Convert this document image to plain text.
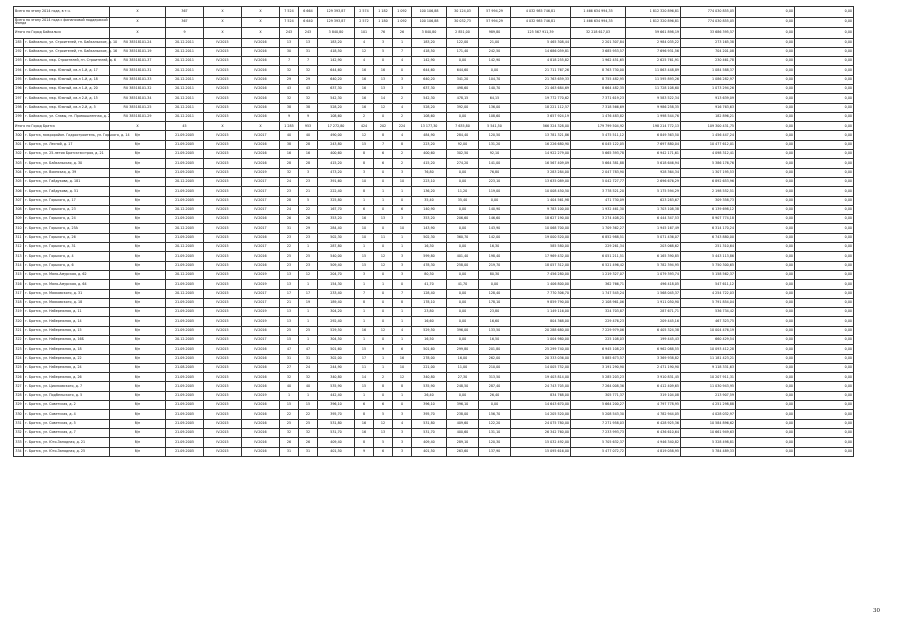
Всего по этапу 2014 года, в т.ч.		X	367	X	X	7 524	6 664	129 393,87	2 574	1 182	1 092	100 106,88	30 124,03	57 994,29	4 032 985 746,81	1 466 634 994,35	1 812 320 896,81	774 030 855,05	0,00	0,00
Всего по этапу 2014 года с финансовой поддержкой Фонда		X	367	X	X	7 524	6 640	129 393,87	2 572	1 180	1 092	100 106,88	30 032,73	57 994,29	4 032 985 746,81	1 466 634 994,35	1 812 320 896,81	774 030 855,05	0,00	0,00
Итого по Город Байкальск		X	9	X	X	243	243	3 840,80	101	76	26	3 840,80	2 851,00	989,80	125 567 911,39	32 218 617,03	59 661 898,19	33 686 395,57	0,00	0,00
285	г. Байкальск, ул. Строителей, гп. Байкальское, д. 10	RU 38518101-24	20.12.2011	IV.2015	IV.2016	13	13	183,20	4	3	1	183,20	122,00	21,00	5 465 308,44	2 201 307,84	2 984 035,22	273 165,38	0,00	0,00
292	г. Байкальск, ул. Строителей, гп. Байкальское, д. 16	RU 38518101-19	20.12.2011	IV.2015	IV.2016	30	31	418,50	12	5	7	418,50	171,40	242,50	14 686 059,81	3 685 953,57	7 696 931,56	704 201,08	0,00	0,00
293	г. Байкальск, мкр. Строителей, гп. Строителей, д. 6	RU 38518101-37	20.12.2011	IV.2015	IV.2016	7	7	142,90	4	0	4	142,90	0,00	142,90	4 818 255,82	1 962 451,65	2 625 761,91	230 461,78	0,00	0,00
294	г. Байкальск, мкр. Южный, кв-л 1-й, д. 17	RU 38518101-31	20.12.2011	IV.2015	IV.2016	32	32	644,60	16	16	0	644,60	644,60	0,00	21 711 767,26	8 763 730,00	11 863 448,89	1 084 588,37	0,00	0,00
295	г. Байкальск, мкр. Южный, кв-л 1-й, д. 18	RU 38518101-33	20.12.2011	IV.2015	IV.2016	29	29	640,20	16	13	3	640,20	341,20	104,70	21 763 659,33	8 755 482,95	11 595 893,26	1 086 282,97	0,00	0,00
296	г. Байкальск, мкр. Южный, кв-л 1-й, д. 20	RU 38518101-32	20.12.2011	IV.2015	IV.2016	43	43	637,30	16	13	3	637,30	498,60	140,70	21 463 684,69	8 664 482,35	11 728 108,60	1 073 294,26	0,00	0,00
297	г. Байкальск, мкр. Южный, кв-л 2-й, д. 15	RU 38518101-34	20.12.2011	IV.2015	IV.2016	32	32	542,30	16	14	2	542,30	478,15	64,15	19 772 770,62	7 371 619,23	9 583 522,34	913 639,09	0,00	0,00
298	г. Байкальск, мкр. Южный, кв-л 2-й, д. 5	RU 38518101-25	20.12.2011	IV.2015	IV.2016	38	38	528,20	16	12	4	528,20	392,00	136,00	18 221 112,57	7 318 566,69	9 986 258,35	916 763,63	0,00	0,00
299	г. Байкальск, ул. Славы, гп. Промышленная, д. 2	RU 38518101-29	20.12.2011	IV.2015	IV.2016	9	9	108,60	2	0	2	108,60	0,00	108,60	3 657 924,19	1 476 483,82	1 998 544,76	182 896,21	0,00	0,00
Итого по Город Братск		X	45	X	X	1 285	953	17 272,80	424	202	224	13 177,30	7 635,80	5 541,50	566 324 328,00	179 799 504,92	198 214 772,13	109 300 431,75	0,00	0,00
300	г. Братск, микрорайон. Гидростроитель, ул. Горького, д. 14	б/н	21.09.2005	IV.2015	IV.2017	40	40	490,00	12	8	4	484,90	284,40	120,50	13 781 321,86	5 475 511,12	6 849 363,50	1 456 447,24	0,00	0,00
301	г. Братск, ул. Лесной, д. 17	б/н	21.09.2005	IV.2015	IV.2016	38	28	243,80	15	7	8	223,20	92,00	131,20	16 226 680,90	6 045 122,05	7 697 880,04	10 477 612,01	0,00	0,00
302	г. Братск, ул. 25-летия Братскгэсстроя, д. 21	б/н	21.09.2005	IV.2015	IV.2016	16	16	400,60	8	6	2	400,60	302,50	92,10	14 922 279,00	5 665 393,78	6 942 171,61	4 098 312,41	0,00	0,00
303	г. Братск, ул. Байкальская, д. 30	б/н	21.09.2005	IV.2015	IV.2016	28	28	415,20	8	6	2	415,20	274,20	141,00	16 567 409,09	5 664 381,88	5 618 646,94	5 386 176,76	0,00	0,00
304	г. Братск, ул. Воинская, д. 39	б/н	21.09.2005	IV.2015	IV.2019	32	3	473,20	3	0	3	76,80	0,00	76,80	3 283 284,00	2 047 783,90	928 364,34	1 307 195,53	0,00	0,00
305	г. Братск, ул. Гайдукова, д. 181	б/н	20.12.2005	IV.2015	IV.2017	24	23	391,60	10	0	10	223,10	0,00	223,10	13 635 089,00	5 042 727,77	2 696 676,29	6 892 653,96	0,00	0,00
306	г. Братск, ул. Гайдукова, д. 51	б/н	21.09.2005	IV.2015	IV.2017	23	21	222,40	8	1	1	136,20	11,20	119,00	10 008 450,50	3 778 521,20	5 175 594,29	2 198 552,51	0,00	0,00
307	г. Братск, ул. Горького, д. 17	б/н	21.09.2005	IV.2015	IV.2017	28	5	325,80	1	1	0	35,40	35,40	0,00	1 404 561,98	471 730,09	623 283,67	309 358,73	0,00	0,00
308	г. Братск, ул. Горького, д. 23	б/н	20.12.2005	IV.2015	IV.2017	24	22	167,70	6	0	6	140,90	0,00	140,90	9 783 100,00	1 932 461,30	1 703 108,38	6 139 698,12	0,00	0,00
309	г. Братск, ул. Горького, д. 24	б/н	21.09.2005	IV.2015	IV.2016	26	26	353,20	16	13	3	353,20	206,60	146,60	18 627 190,00	3 274 408,21	6 444 347,53	8 907 774,18	0,00	0,00
310	г. Братск, ул. Горького, д. 25А	б/н	20.12.2005	IV.2015	IV.2017	31	29	284,40	10	0	10	143,90	0,00	143,90	10 068 700,00	1 709 362,27	1 945 167,49	6 314 170,24	0,00	0,00
311	г. Братск, ул. Горького, д. 26	б/н	21.09.2005	IV.2015	IV.2016	23	23	502,30	10	11	1	502,30	360,70	142,00	19 000 520,00	6 852 988,51	5 071 436,07	6 743 880,00	0,00	0,00
312	г. Братск, ул. Горького, д. 31	б/н	20.12.2005	IV.2015	IV.2017	22	1	287,80	1	0	1	16,30	0,00	16,30	585 580,00	229 261,34	203 068,62	251 310,64	0,00	0,00
313	г. Братск, ул. Горького, д. 4	б/н	21.09.2005	IV.2015	IV.2016	25	25	540,00	15	12	3	599,80	401,40	198,40	17 969 432,00	6 051 211,51	6 165 390,85	5 443 113,86	0,00	0,00
314	г. Братск, ул. Горького, д. 6	б/н	21.09.2005	IV.2015	IV.2016	23	23	509,40	15	12	3	478,30	258,00	219,70	18 057 312,00	6 521 496,42	5 782 394,95	5 750 300,65	0,00	0,00
315	г. Братск, ул. Мало-Амурская, д. 62	б/н	20.12.2005	IV.2015	IV.2019	13	12	204,70	3	0	3	80,30	0,00	80,30	7 456 280,00	1 219 327,07	1 079 393,74	5 158 562,37	0,00	0,00
316	г. Братск, ул. Мало-Амурская, д. 64	б/н	21.09.2005	IV.2015	IV.2019	13	1	154,30	1	1	0	41,70	41,70	0,00	1 406 800,00	362 766,71	496 418,05	547 611,12	0,00	0,00
317	г. Братск, ул. Маяковского, д. 31	б/н	20.12.2005	IV.2015	IV.2017	17	17	233,40	7	0	7	128,40	0,00	128,40	7 770 306,70	1 747 545,24	1 568 045,37	4 254 722,03	0,00	0,00
318	г. Братск, ул. Маяковского, д. 18	б/н	21.09.2005	IV.2015	IV.2017	21	19	189,40	8	0	8	178,10	0,00	178,10	9 859 790,00	2 108 961,06	1 911 050,90	5 791 854,04	0,00	0,00
319	г. Братск, ул. Набережная, д. 11	б/н	21.09.2005	IV.2015	IV.2019	13	1	304,20	1	0	1	23,80	0,00	23,80	1 149 116,00	324 703,87	287 671,71	536 734,42	0,00	0,00
320	г. Братск, ул. Набережная, д. 14	б/н	21.09.2005	IV.2015	IV.2019	13	1	292,40	1	0	1	16,60	0,00	16,60	804 368,00	229 476,23	209 445,16	467 323,75	0,00	0,00
321	г. Братск, ул. Набережная, д. 15	б/н	21.09.2005	IV.2015	IV.2016	25	25	529,50	16	12	4	529,50	396,00	133,50	20 288 680,00	7 229 979,06	6 405 324,38	10 004 476,19	0,00	0,00
322	г. Братск, ул. Набережная, д. 16Б	б/н	20.12.2005	IV.2015	IV.2017	15	1	304,50	1	0	1	16,50	0,00	16,50	1 004 980,00	225 108,03	199 445,43	660 429,54	0,00	0,00
323	г. Братск, ул. Набережная, д. 18	б/н	21.09.2005	IV.2015	IV.2016	47	47	501,60	15	9	6	501,60	299,80	201,80	25 299 740,00	6 945 108,23	6 962 088,55	10 093 412,28	0,00	0,00
324	г. Братск, ул. Набережная, д. 22	б/н	21.09.2005	IV.2015	IV.2016	31	31	302,00	17	1	16	278,00	16,00	262,00	20 333 036,00	5 885 673,57	3 369 938,82	11 181 423,21	0,00	0,00
325	г. Братск, ул. Набережная, д. 24	б/н	21.08.2005	IV.2015	IV.2016	27	24	244,90	11	1	10	221,00	11,00	210,00	14 005 752,00	3 191 290,90	2 471 190,90	9 118 331,63	0,00	0,00
326	г. Братск, ул. Набережная, д. 26	б/н	21.09.2005	IV.2015	IV.2016	32	32	340,80	14	2	12	340,80	27,30	313,50	19 403 814,00	5 285 203,23	3 910 831,45	10 207 911,31	0,00	0,00
327	г. Братск, ул. Циолковского, д. 7	б/н	21.09.2005	IV.2015	IV.2016	40	40	535,90	15	8	8	535,90	248,50	287,40	24 743 705,00	7 264 008,36	6 412 409,65	11 030 943,95	0,00	0,00
328	г. Братск, ул. Подбельского, д. 5	б/н	21.09.2005	IV.2015	IV.2019	1	1	442,40	1	0	1	26,40	0,00	26,40	834 768,00	305 771,37	319 104,08	213 907,59	0,00	0,00
329	г. Братск, ул. Советская, д. 2	б/н	21.09.2005	IV.2015	IV.2016	15	15	396,10	6	6	0	396,10	396,10	0,00	14 643 670,00	5 664 200,27	4 797 778,95	4 251 298,88	0,00	0,00
330	г. Братск, ул. Советская, д. 4	б/н	21.09.2005	IV.2015	IV.2016	22	22	395,70	8	5	3	395,70	238,00	156,70	14 205 520,00	5 208 543,30	4 782 944,05	4 028 032,97	0,00	0,00
331	г. Братск, ул. Советская, д. 5	б/н	21.09.2005	IV.2015	IV.2016	25	25	531,80	16	12	4	531,80	409,60	122,20	24 075 780,00	7 271 958,03	6 428 925,36	10 584 896,62	0,00	0,00
332	г. Братск, ул. Советская, д. 7	б/н	21.09.2005	IV.2015	IV.2016	32	32	531,70	16	13	3	531,70	400,60	131,10	26 342 760,00	7 233 993,73	6 436 610,64	10 661 949,63	0,00	0,00
333	г. Братск, ул. Юго-Западная, д. 21	б/н	21.09.2005	IV.2015	IV.2016	26	26	409,40	8	5	3	409,40	289,10	120,30	15 032 492,00	5 705 632,37	4 946 340,82	5 328 498,81	0,00	0,00
334	г. Братск, ул. Юго-Западная, д. 25	б/н	21.09.2005	IV.2015	IV.2016	31	31	401,50	9	6	3	401,50	263,60	137,90	15 095 616,00	5 477 072,72	4 819 058,95	5 784 489,33	0,00	0,00
30
